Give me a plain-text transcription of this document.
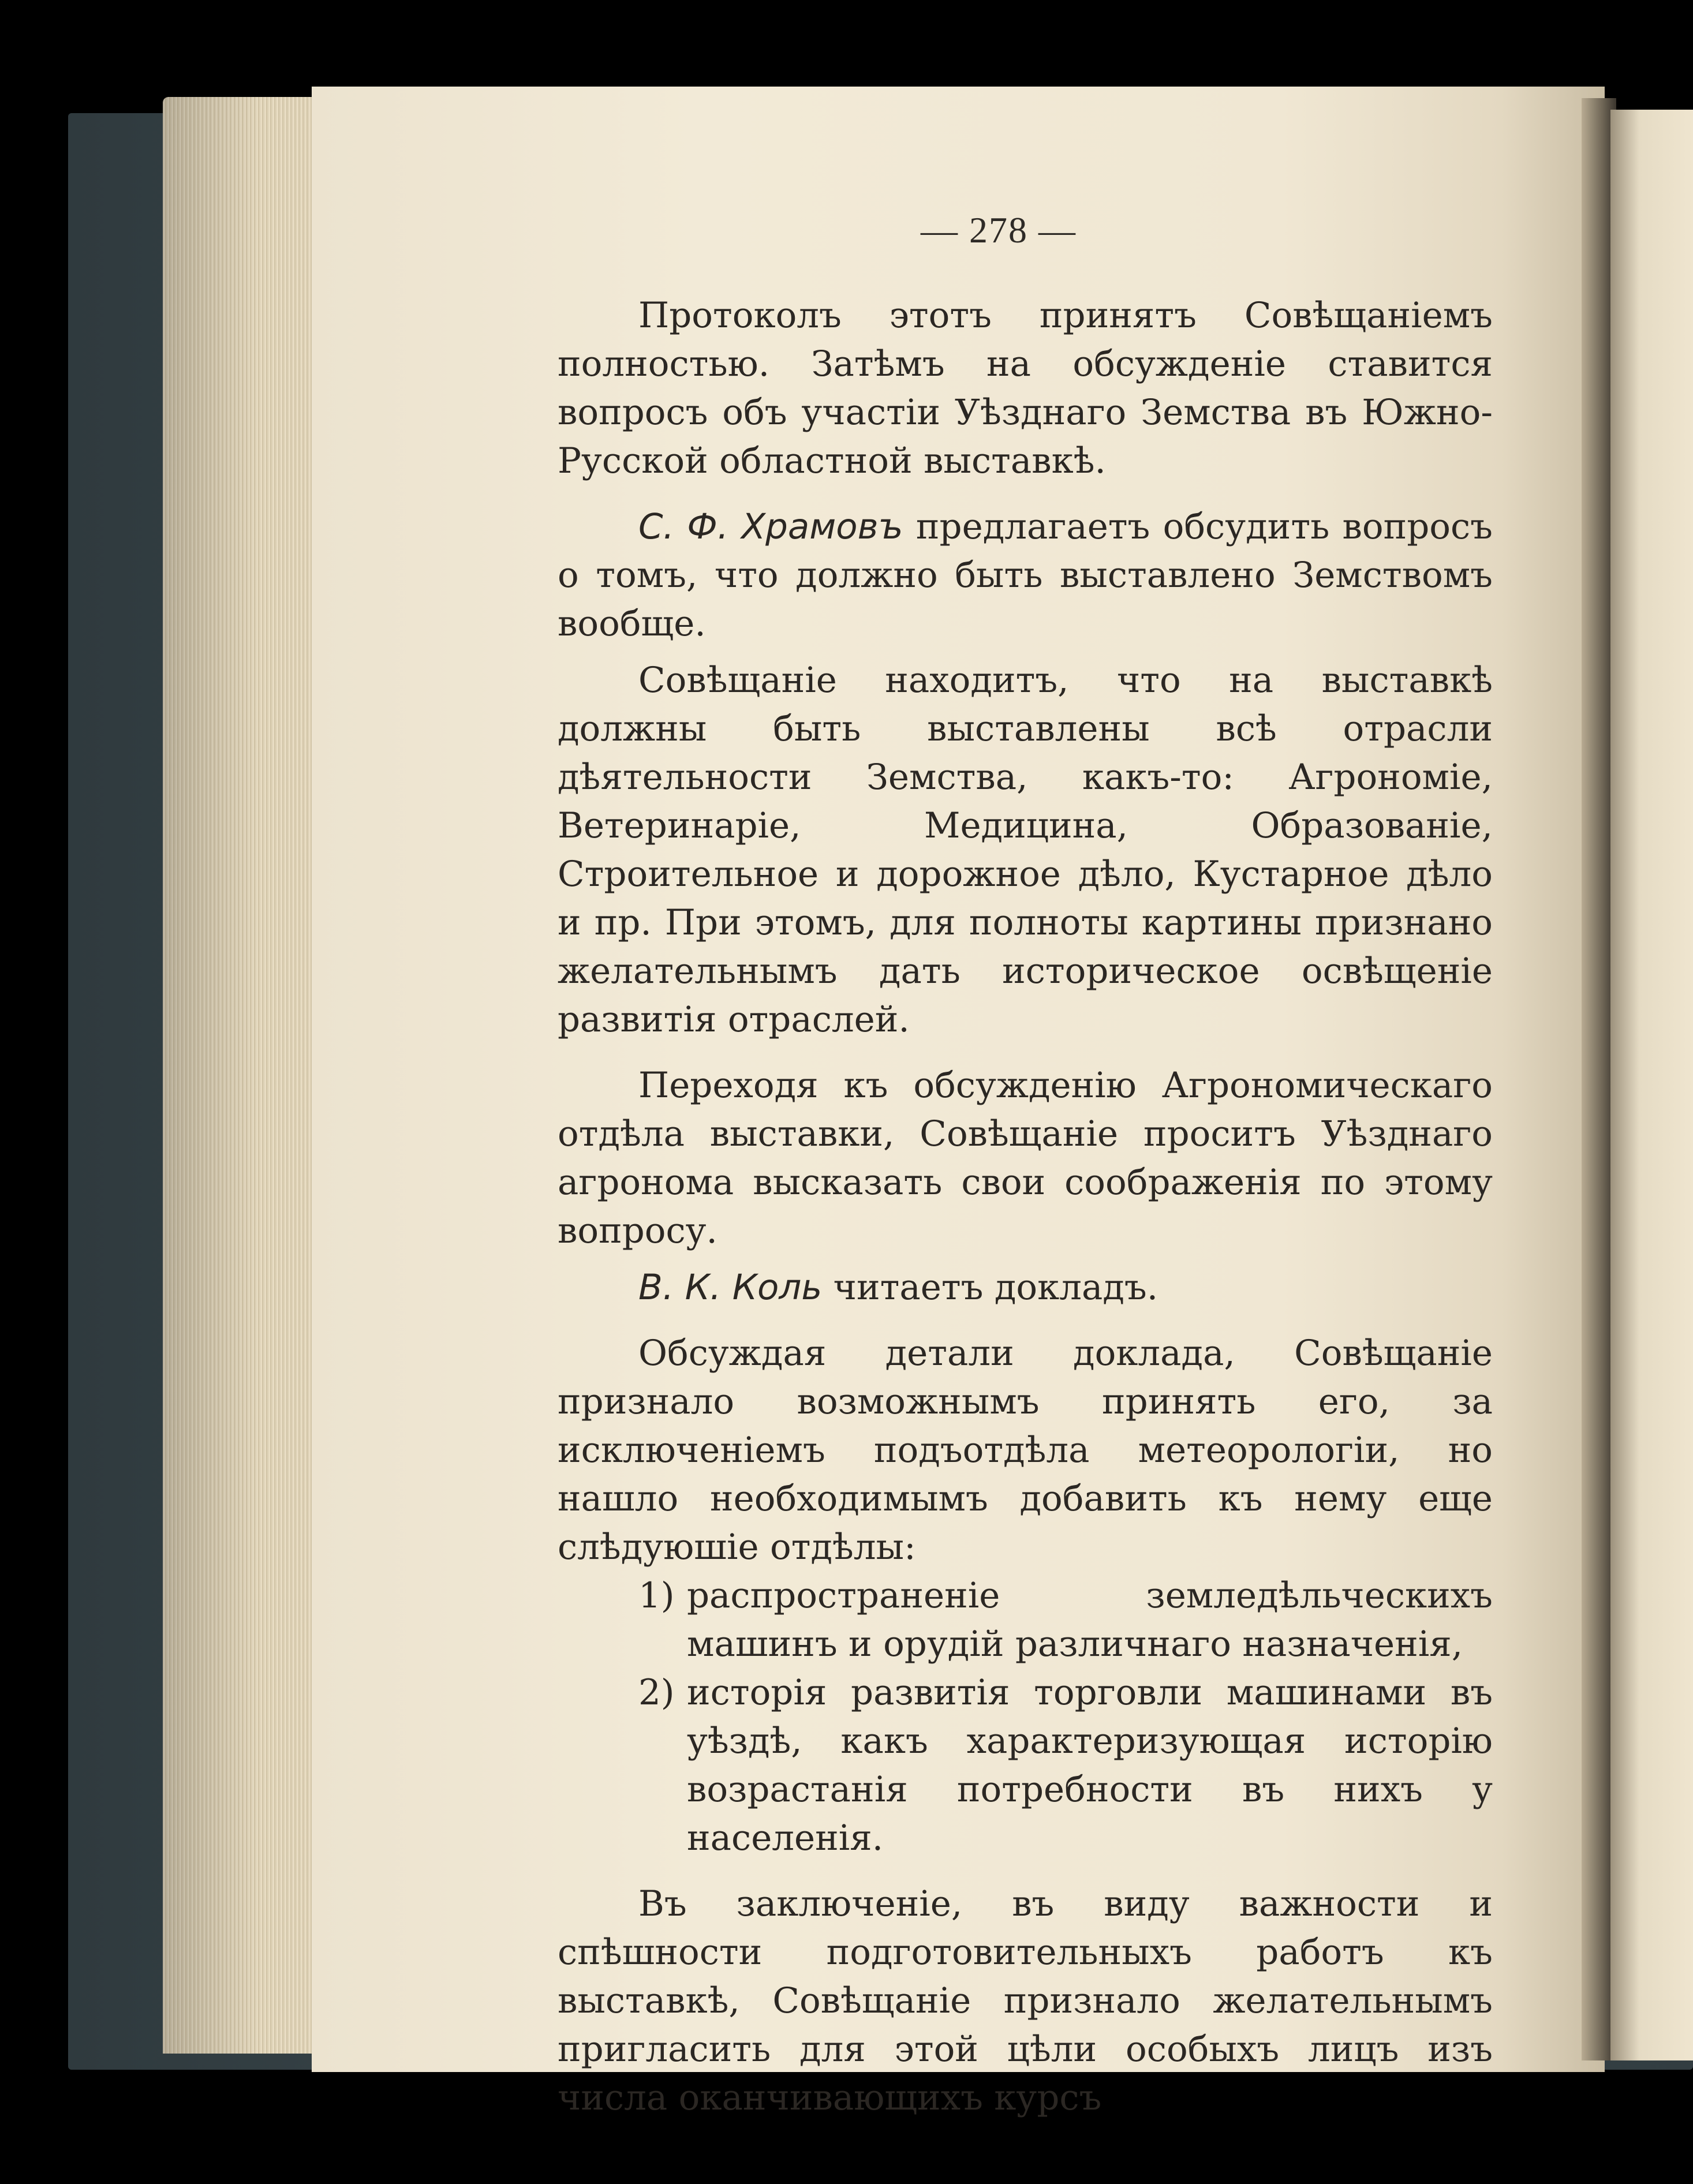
— 278 —

Протоколъ этотъ принятъ Совѣщаніемъ полностью. Затѣмъ на обсужденіе ставится вопросъ объ участіи Уѣзднаго Земства въ Южно-Русской областной выставкѣ.

С. Ф. Храмовъ предлагаетъ обсудить вопросъ о томъ, что должно быть выставлено Земствомъ вообще.

Совѣщаніе находитъ, что на выставкѣ должны быть выставлены всѣ отрасли дѣятельности Земства, какъ-то: Агрономіе, Ветеринаріе, Медицина, Образованіе, Строительное и дорожное дѣло, Кустарное дѣло и пр. При этомъ, для полноты картины признано желательнымъ дать историческое освѣщеніе развитія отраслей.

Переходя къ обсужденію Агрономическаго отдѣла выставки, Совѣщаніе проситъ Уѣзднаго агронома высказать свои соображенія по этому вопросу.

В. К. Коль читаетъ докладъ.

Обсуждая детали доклада, Совѣщаніе признало возможнымъ принять его, за исключеніемъ подъотдѣла метеорологіи, но нашло необходимымъ добавить къ нему еще слѣдуюшіе отдѣлы:

1) распространеніе земледѣльческихъ машинъ и орудій различнаго назначенія,

2) исторія развитія торговли машинами въ уѣздѣ, какъ характеризующая исторію возрастанія потребности въ нихъ у населенія.

Въ заключеніе, въ виду важности и спѣшности подготовительныхъ работъ къ выставкѣ, Совѣщаніе признало желательнымъ пригласить для этой цѣли особыхъ лицъ изъ числа оканчивающихъ курсъ
